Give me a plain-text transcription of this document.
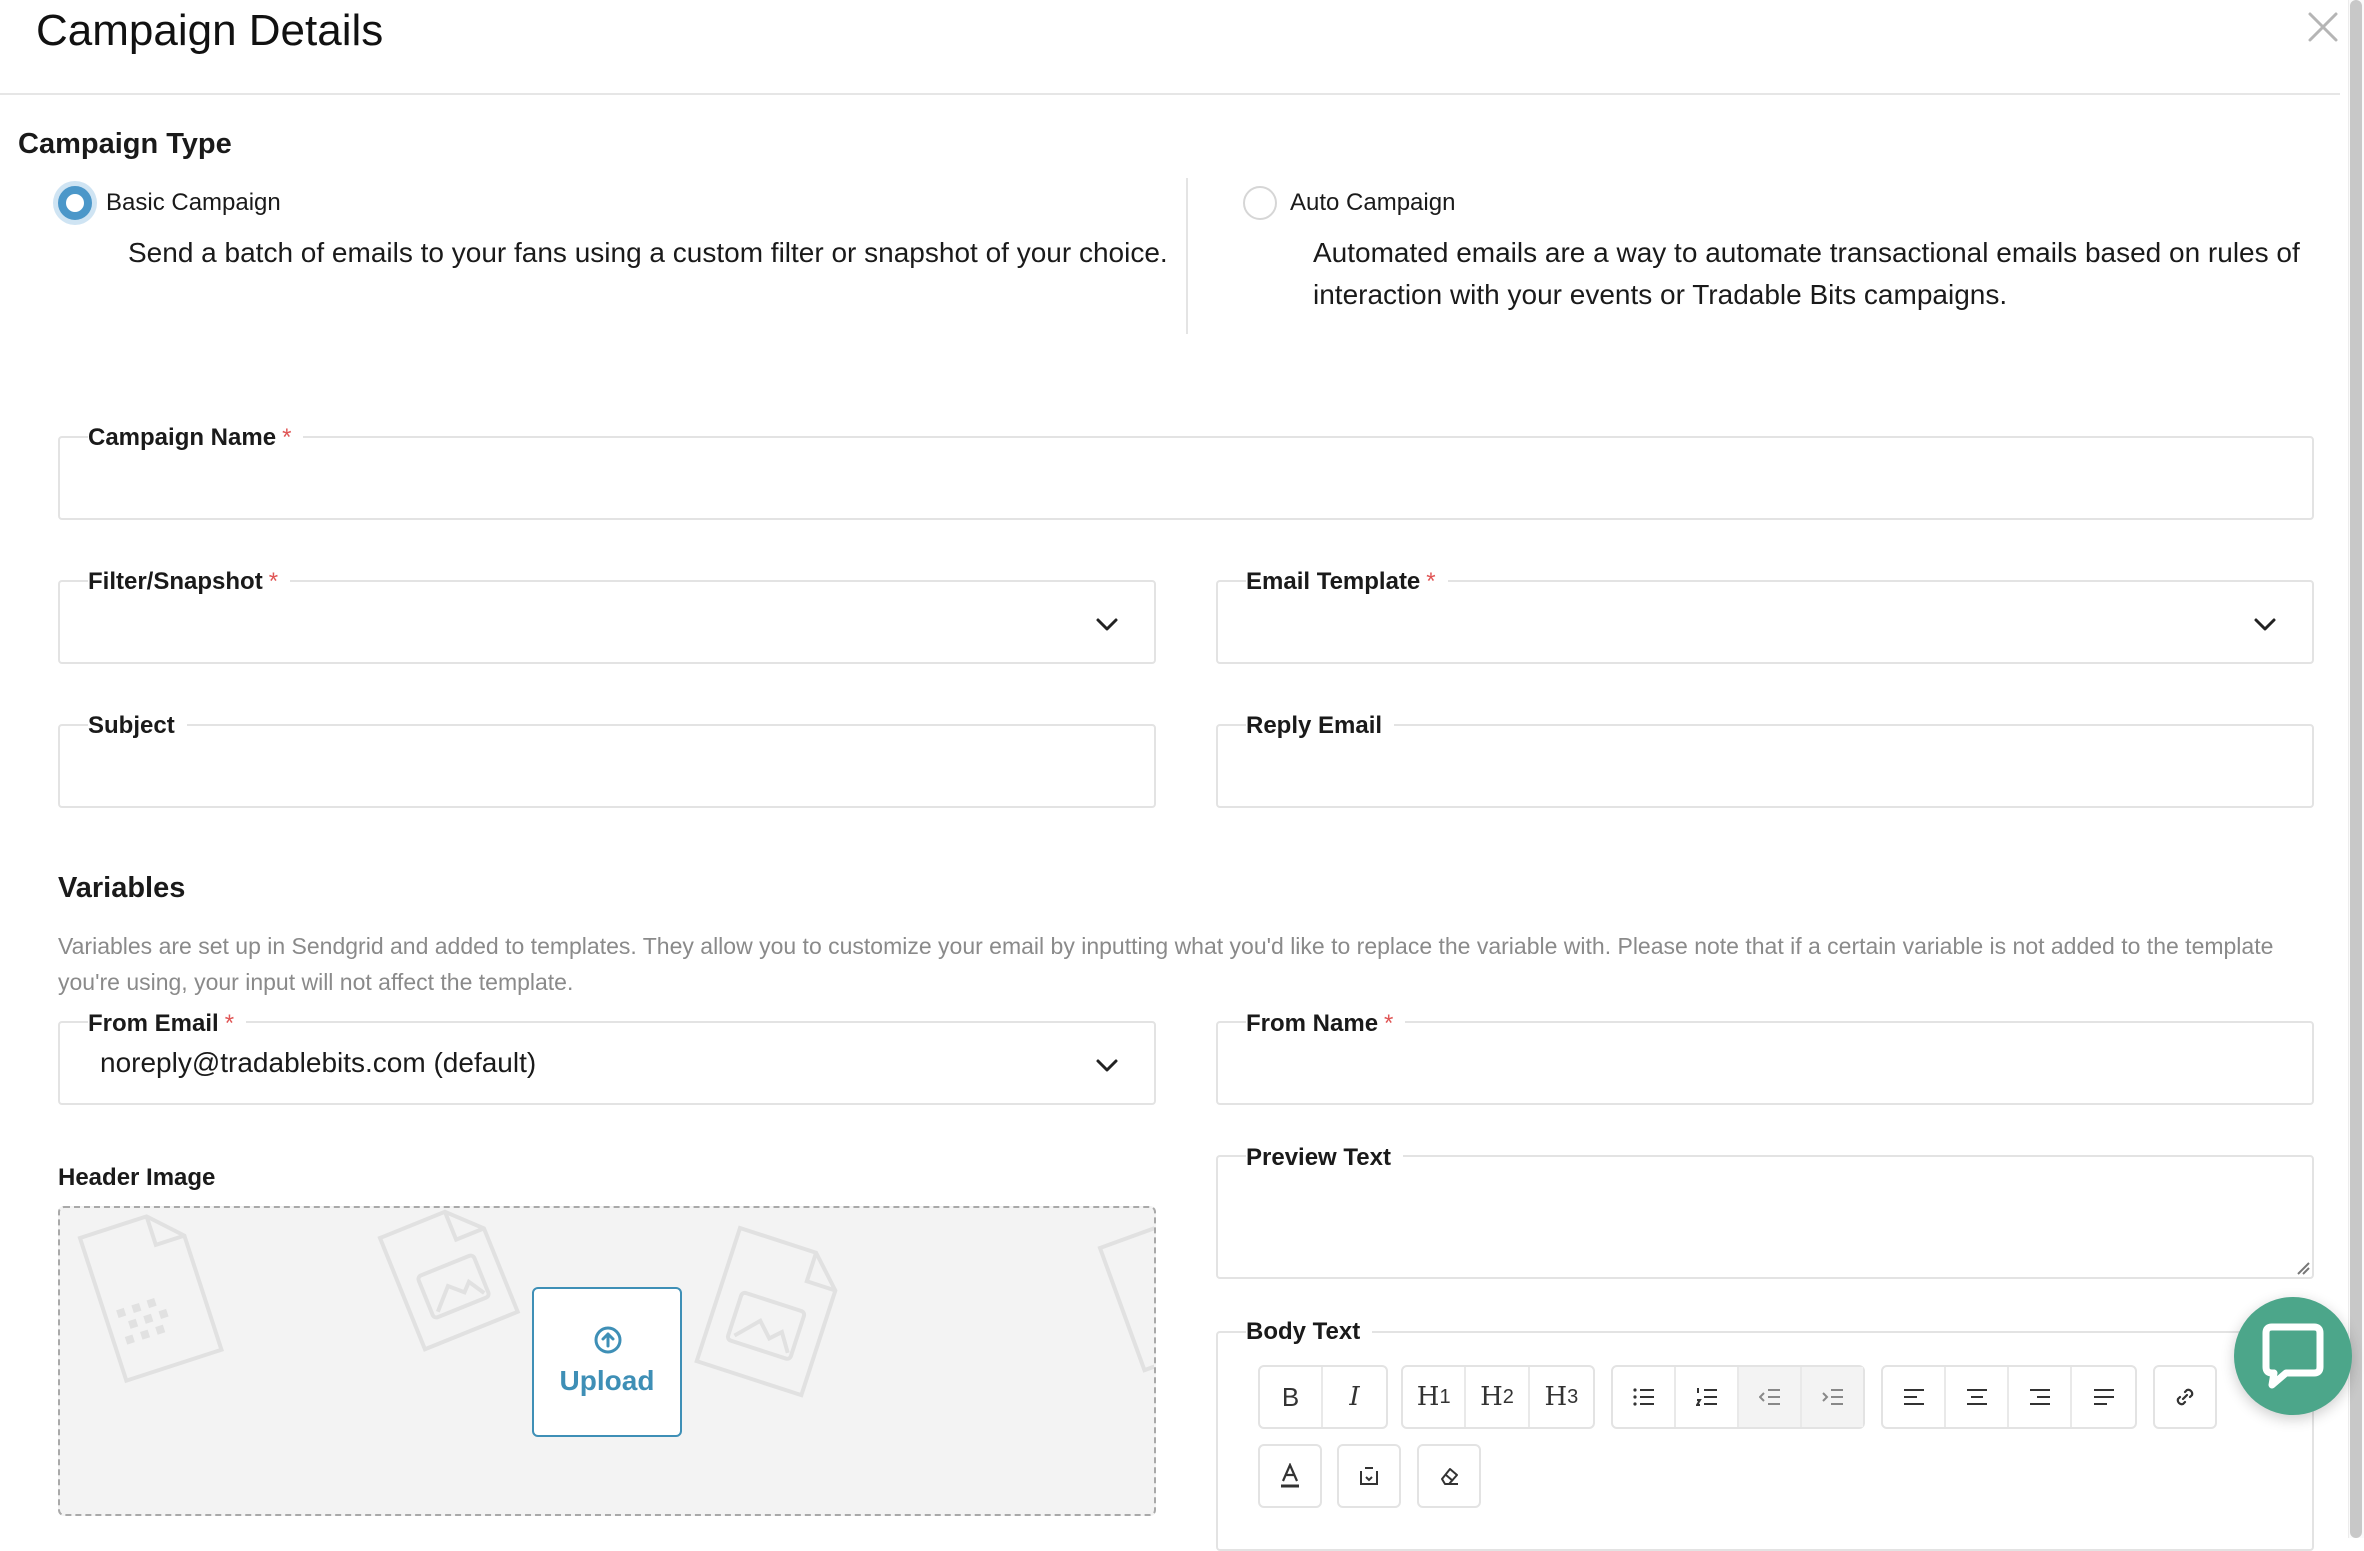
Campaign Details
Campaign Type
Basic Campaign
Send a batch of emails to your fans using a custom filter or snapshot of your choice.
Auto Campaign
Automated emails are a way to automate transactional emails based on rules of
interaction with your events or Tradable Bits campaigns.
Campaign Name *
Filter/Snapshot *	Email Template *
Subject	Reply Email
Variables
Variables are set up in Sendgrid and added to templates. They allow you to customize your email by inputting what you'd like to replace the variable with. Please note that if a certain variable is not added to the template
you're using, your input will not affect the template.
From Email *
noreply@tradablebits.com (default)
From Name *
Header Image
Upload
Preview Text
Body Text
B I H 1 H 2 H 3
